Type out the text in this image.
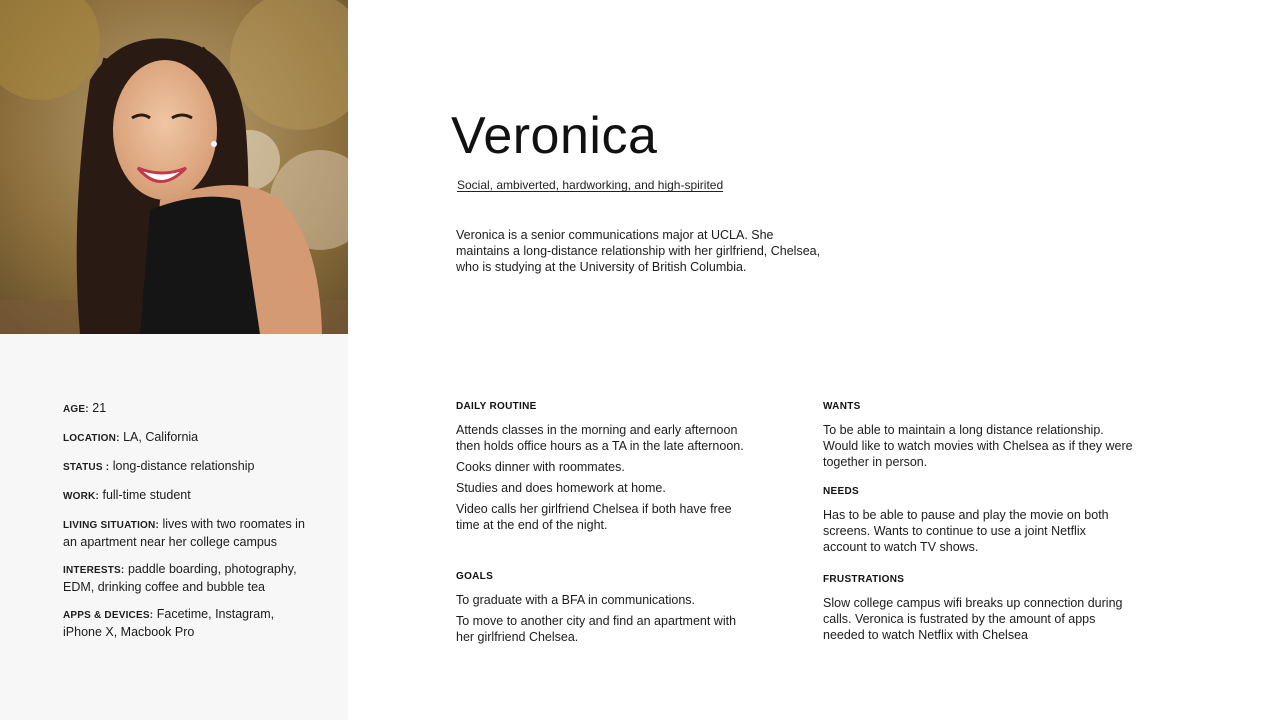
AGE: 21
LOCATION: LA, California
STATUS : long-distance relationship
WORK: full-time student
LIVING SITUATION: lives with two roomates in an apartment near her college campus
INTERESTS: paddle boarding, photography, EDM, drinking coffee and bubble tea
APPS & DEVICES: Facetime, Instagram, iPhone X, Macbook Pro
Veronica
Social, ambiverted, hardworking, and high-spirited

Veronica is a senior communications major at UCLA. She maintains a long-distance relationship with her girlfriend, Chelsea, who is studying at the University of British Columbia.

DAILY ROUTINE
Attends classes in the morning and early afternoon then holds office hours as a TA in the late afternoon.
Cooks dinner with roommates.
Studies and does homework at home.
Video calls her girlfriend Chelsea if both have free time at the end of the night.
GOALS
To graduate with a BFA in communications.
To move to another city and find an apartment with her girlfriend Chelsea.
WANTS
To be able to maintain a long distance relationship. Would like to watch movies with Chelsea as if they were together in person.
NEEDS
Has to be able to pause and play the movie on both screens. Wants to continue to use a joint Netflix account to watch TV shows.
FRUSTRATIONS
Slow college campus wifi breaks up connection during calls. Veronica is fustrated by the amount of apps needed to watch Netflix with Chelsea
